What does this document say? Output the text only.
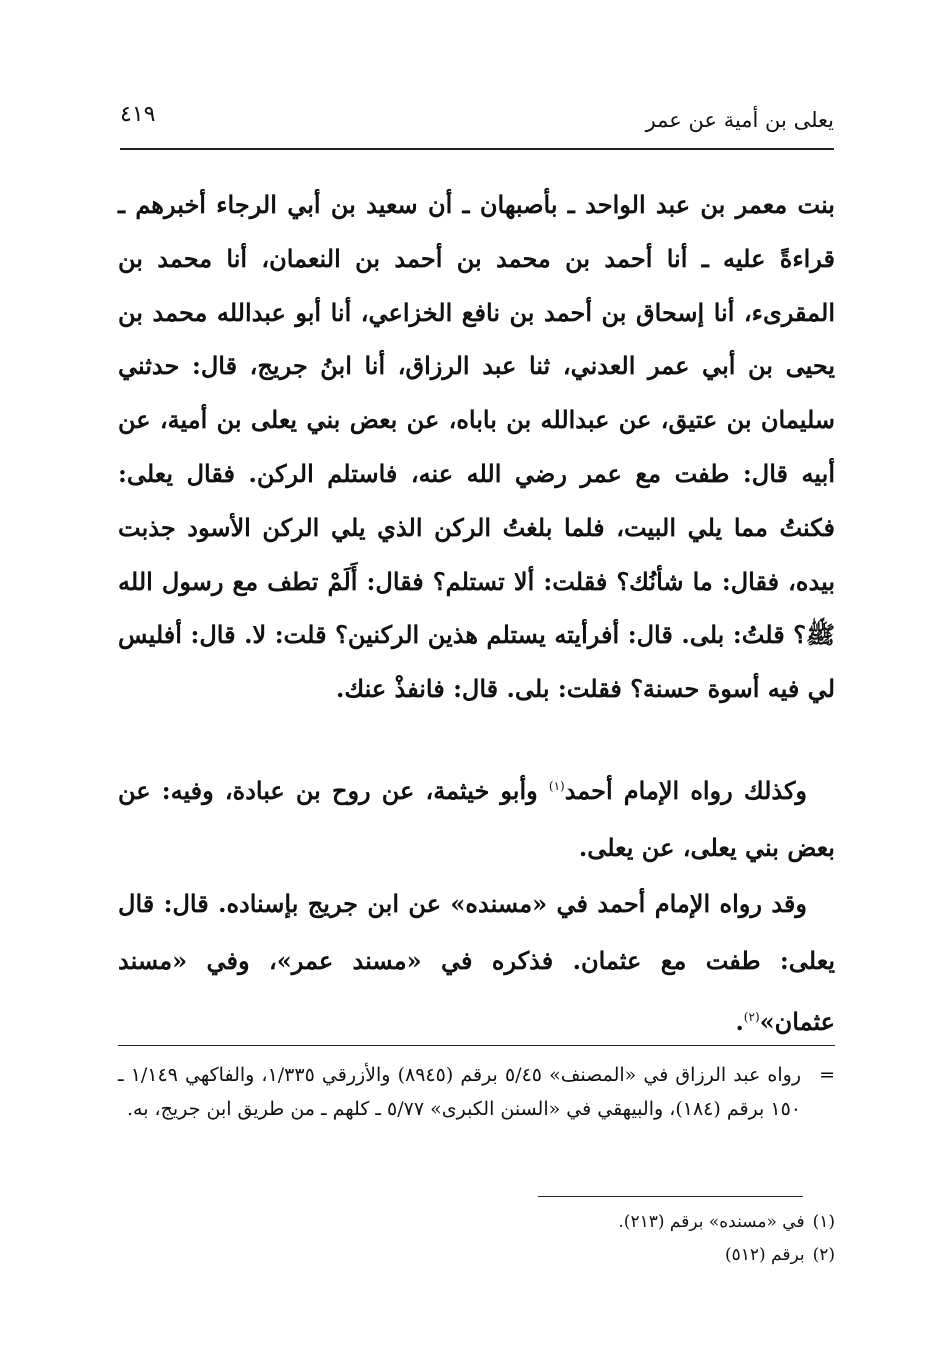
يعلى بن أمية عن عمر
٤١٩

بنت معمر بن عبد الواحد ـ بأصبهان ـ أن سعيد بن أبي الرجاء أخبرهم ـ قراءةً عليه ـ أنا أحمد بن محمد بن أحمد بن النعمان، أنا محمد بن المقرىء، أنا إسحاق بن أحمد بن نافع الخزاعي، أنا أبو عبدالله محمد بن يحيى بن أبي عمر العدني، ثنا عبد الرزاق، أنا ابنُ جريج، قال: حدثني سليمان بن عتيق، عن عبدالله بن باباه، عن بعض بني يعلى بن أمية، عن أبيه قال: طفت مع عمر رضي الله عنه، فاستلم الركن. فقال يعلى: فكنتُ مما يلي البيت، فلما بلغتُ الركن الذي يلي الركن الأسود جذبت بيده، فقال: ما شأنُك؟ فقلت: ألا تستلم؟ فقال: أَلَمْ تطف مع رسول الله ﷺ؟ قلتُ: بلى. قال: أفرأيته يستلم هذين الركنين؟ قلت: لا. قال: أفليس لي فيه أسوة حسنة؟ فقلت: بلى. قال: فانفذْ عنك.

وكذلك رواه الإمام أحمد$^{(١)}$ وأبو خيثمة، عن روح بن عبادة، وفيه: عن بعض بني يعلى، عن يعلى.

وقد رواه الإمام أحمد في «مسنده» عن ابن جريج بإسناده. قال: قال يعلى: طفت مع عثمان. فذكره في «مسند عمر»، وفي «مسند عثمان»$^{(٢)}$.

=
رواه عبد الرزاق في «المصنف» ٥/٤٥ برقم (٨٩٤٥) والأزرقي ١/٣٣٥، والفاكهي ١/١٤٩ ـ ١٥٠ برقم (١٨٤)، والبيهقي في «السنن الكبرى» ٥/٧٧ ـ كلهم ـ من طريق ابن جريج، به.
(١)في «مسنده» برقم (٢١٣).
(٢)برقم (٥١٢)
